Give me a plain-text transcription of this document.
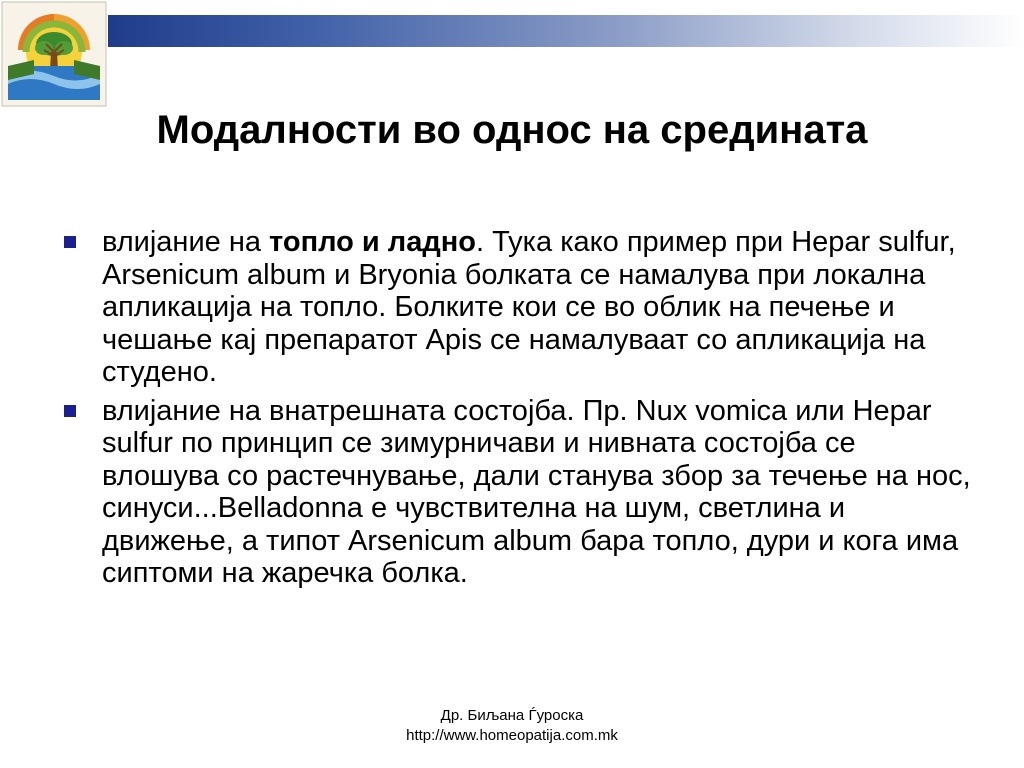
Модалности во однос на средината
влијание на топло и ладно. Тука како пример при Hepar sulfur, Arsenicum album и Bryonia болката се намалува при локална апликација на топло. Болките кои се во облик на печење и чешање кај препаратот Apis се намалуваат со апликација на студено.
влијание на внатрешната состојба. Пр. Nux vomica или Hepar sulfur по принцип се зимурничави и нивната состојба се влошува со растечнување, дали станува збор за течење на нос, синуси...Belladonna е чувствителна на шум, светлина и движење, а типот Arsenicum album бара топло, дури и кога има сиптоми на жаречка болка.
Др. Биљана Ѓуроска
http://www.homeopatija.com.mk
